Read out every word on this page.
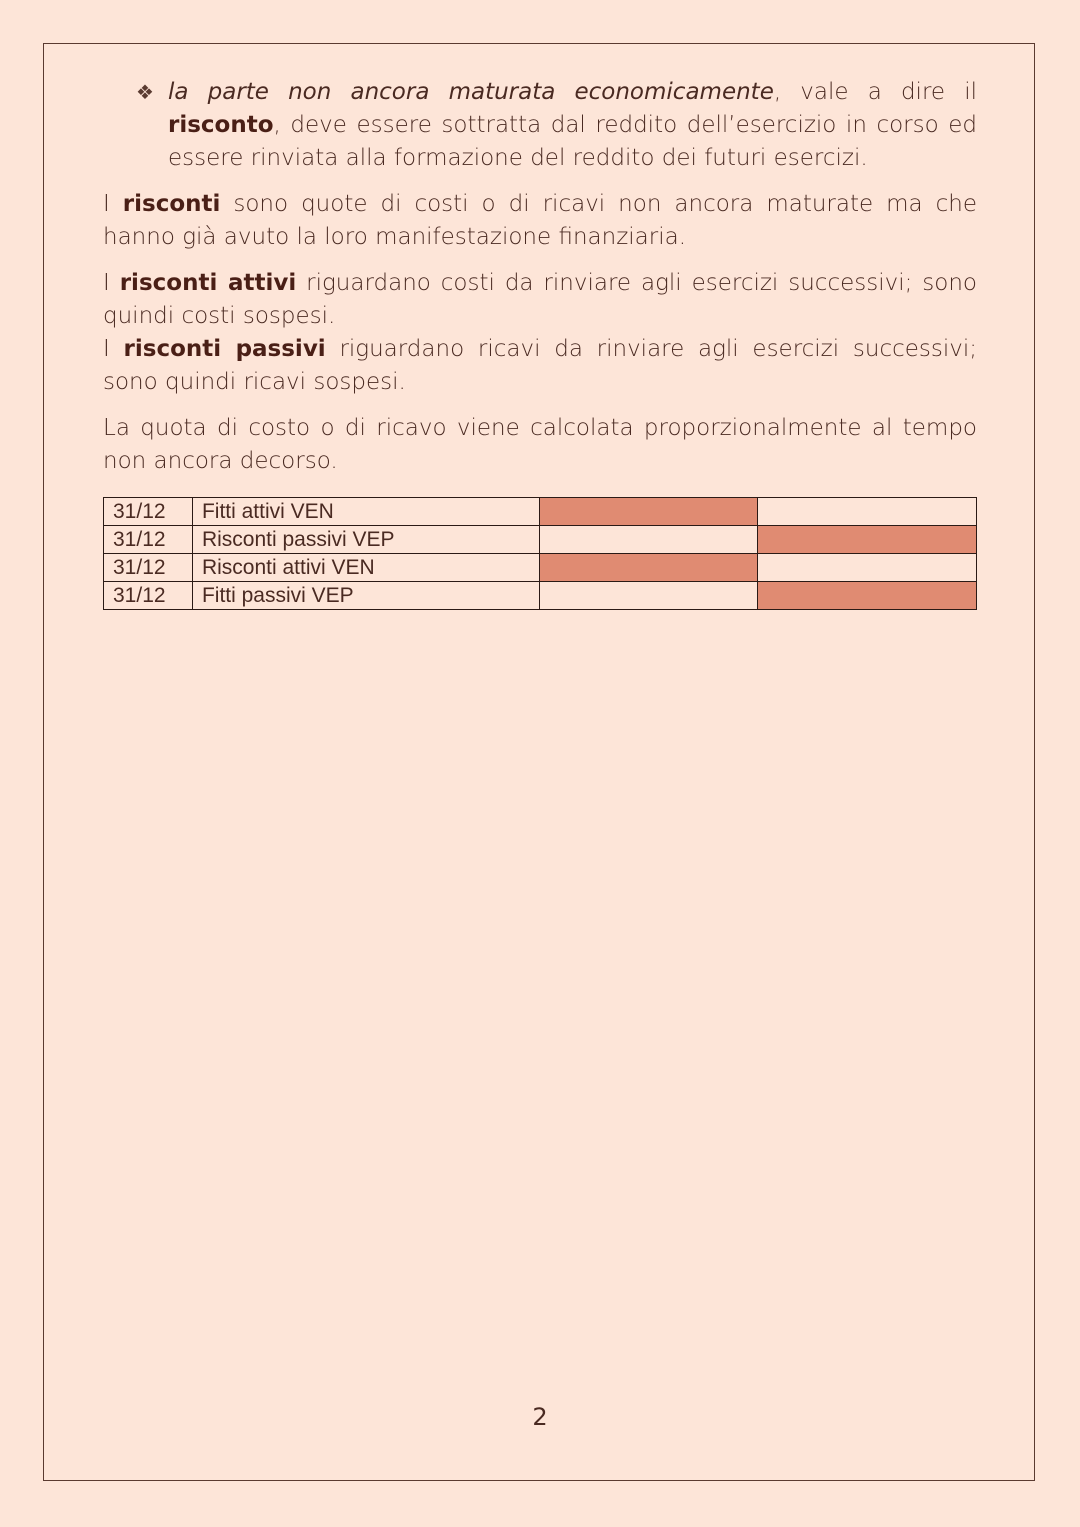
❖ la parte non ancora maturata economicamente, vale a dire il risconto, deve essere sottratta dal reddito dell’esercizio in corso ed essere rinviata alla formazione del reddito dei futuri esercizi.

I risconti sono quote di costi o di ricavi non ancora maturate ma che hanno già avuto la loro manifestazione finanziaria.

I risconti attivi riguardano costi da rinviare agli esercizi successivi; sono quindi costi sospesi.

I risconti passivi riguardano ricavi da rinviare agli esercizi successivi; sono quindi ricavi sospesi.

La quota di costo o di ricavo viene calcolata proporzionalmente al tempo non ancora decorso.

31/12	Fitti attivi VEN		
31/12	Risconti passivi VEP		
31/12	Risconti attivi VEN		
31/12	Fitti passivi VEP		
2
